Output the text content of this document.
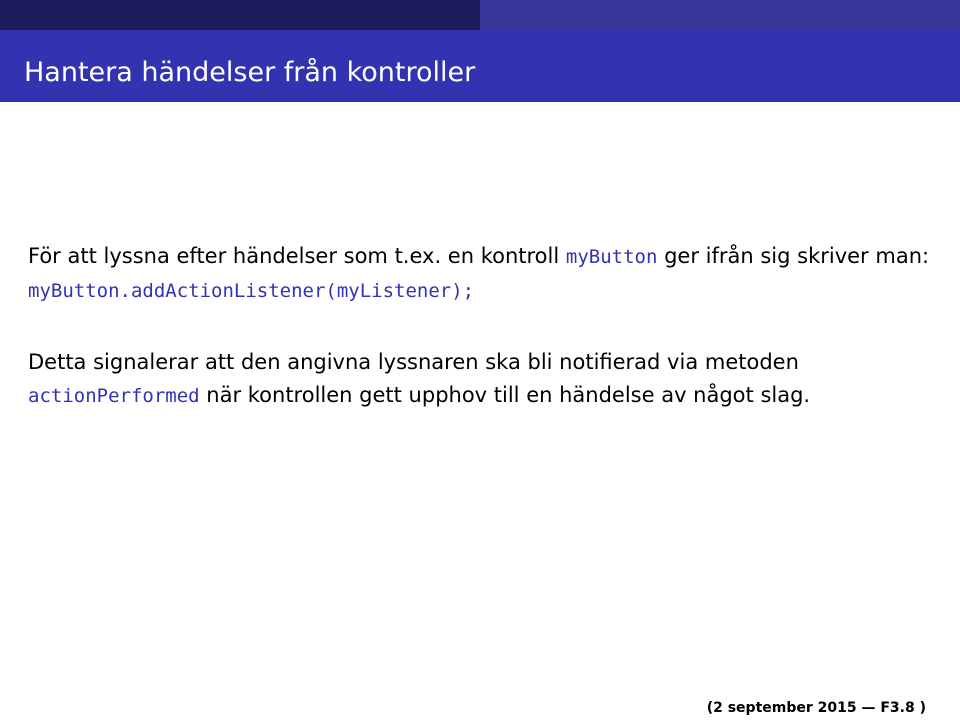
Hantera händelser från kontroller

För att lyssna efter händelser som t.ex. en kontroll myButton ger ifrån sig skriver man:
myButton.addActionListener(myListener);

Detta signalerar att den angivna lyssnaren ska bli notifierad via metoden actionPerformed när kontrollen gett upphov till en händelse av något slag.

(2 september 2015 — F3.8 )
